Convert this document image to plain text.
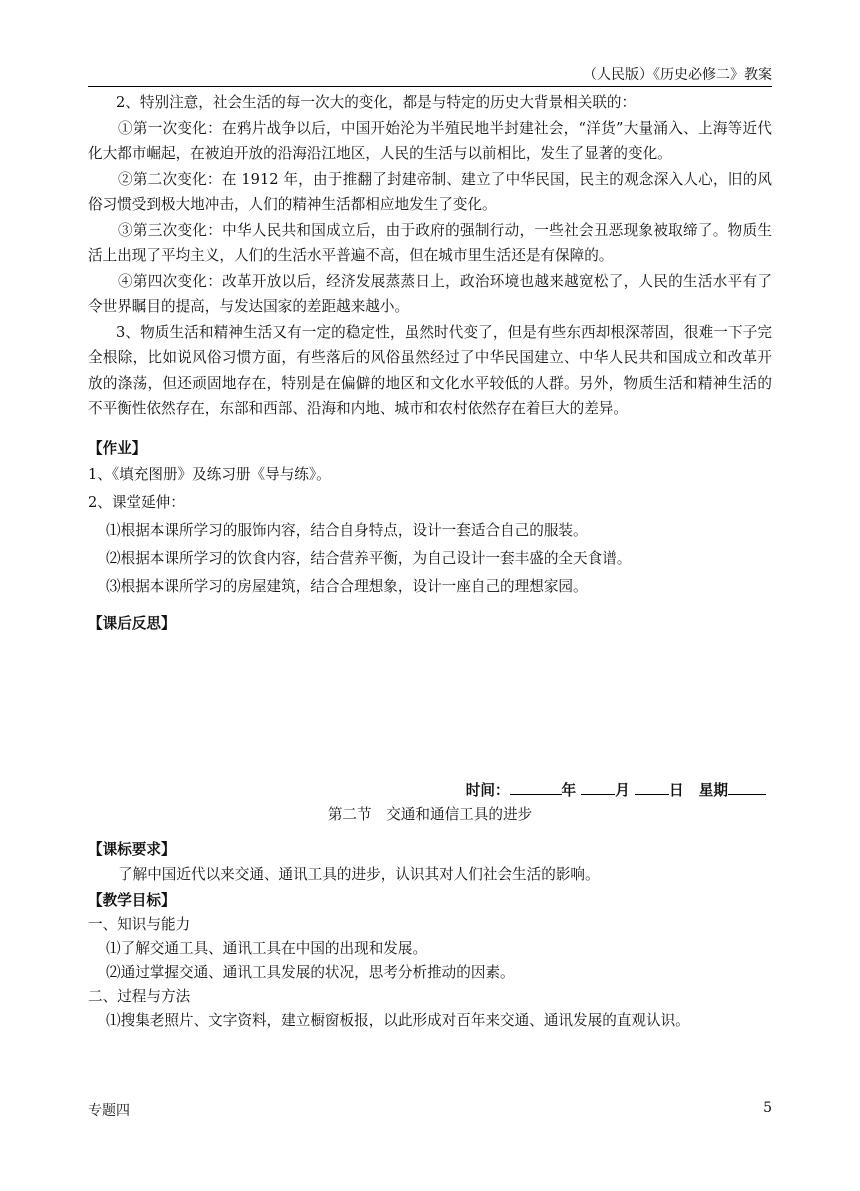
（人民版）《历史必修二》教案

2、特别注意，社会生活的每一次大的变化，都是与特定的历史大背景相关联的：

①第一次变化：在鸦片战争以后，中国开始沦为半殖民地半封建社会，“洋货”大量涌入、上海等近代化大都市崛起，在被迫开放的沿海沿江地区，人民的生活与以前相比，发生了显著的变化。

②第二次变化：在 1912 年，由于推翻了封建帝制、建立了中华民国，民主的观念深入人心，旧的风俗习惯受到极大地冲击，人们的精神生活都相应地发生了变化。

③第三次变化：中华人民共和国成立后，由于政府的强制行动，一些社会丑恶现象被取缔了。物质生活上出现了平均主义，人们的生活水平普遍不高，但在城市里生活还是有保障的。

④第四次变化：改革开放以后，经济发展蒸蒸日上，政治环境也越来越宽松了，人民的生活水平有了令世界瞩目的提高，与发达国家的差距越来越小。

3、物质生活和精神生活又有一定的稳定性，虽然时代变了，但是有些东西却根深蒂固，很难一下子完全根除，比如说风俗习惯方面，有些落后的风俗虽然经过了中华民国建立、中华人民共和国成立和改革开放的涤荡，但还顽固地存在，特别是在偏僻的地区和文化水平较低的人群。另外，物质生活和精神生活的不平衡性依然存在，东部和西部、沿海和内地、城市和农村依然存在着巨大的差异。

【作业】

1、《填充图册》及练习册《导与练》。

2、课堂延伸：

⑴根据本课所学习的服饰内容，结合自身特点，设计一套适合自己的服装。

⑵根据本课所学习的饮食内容，结合营养平衡，为自己设计一套丰盛的全天食谱。

⑶根据本课所学习的房屋建筑，结合合理想象，设计一座自己的理想家园。

【课后反思】

时间：	年	月	日 星期

第二节　交通和通信工具的进步

【课标要求】

了解中国近代以来交通、通讯工具的进步，认识其对人们社会生活的影响。

【教学目标】

一、知识与能力

⑴了解交通工具、通讯工具在中国的出现和发展。

⑵通过掌握交通、通讯工具发展的状况，思考分析推动的因素。

二、过程与方法

⑴搜集老照片、文字资料，建立橱窗板报，以此形成对百年来交通、通讯发展的直观认识。

专题四	5
